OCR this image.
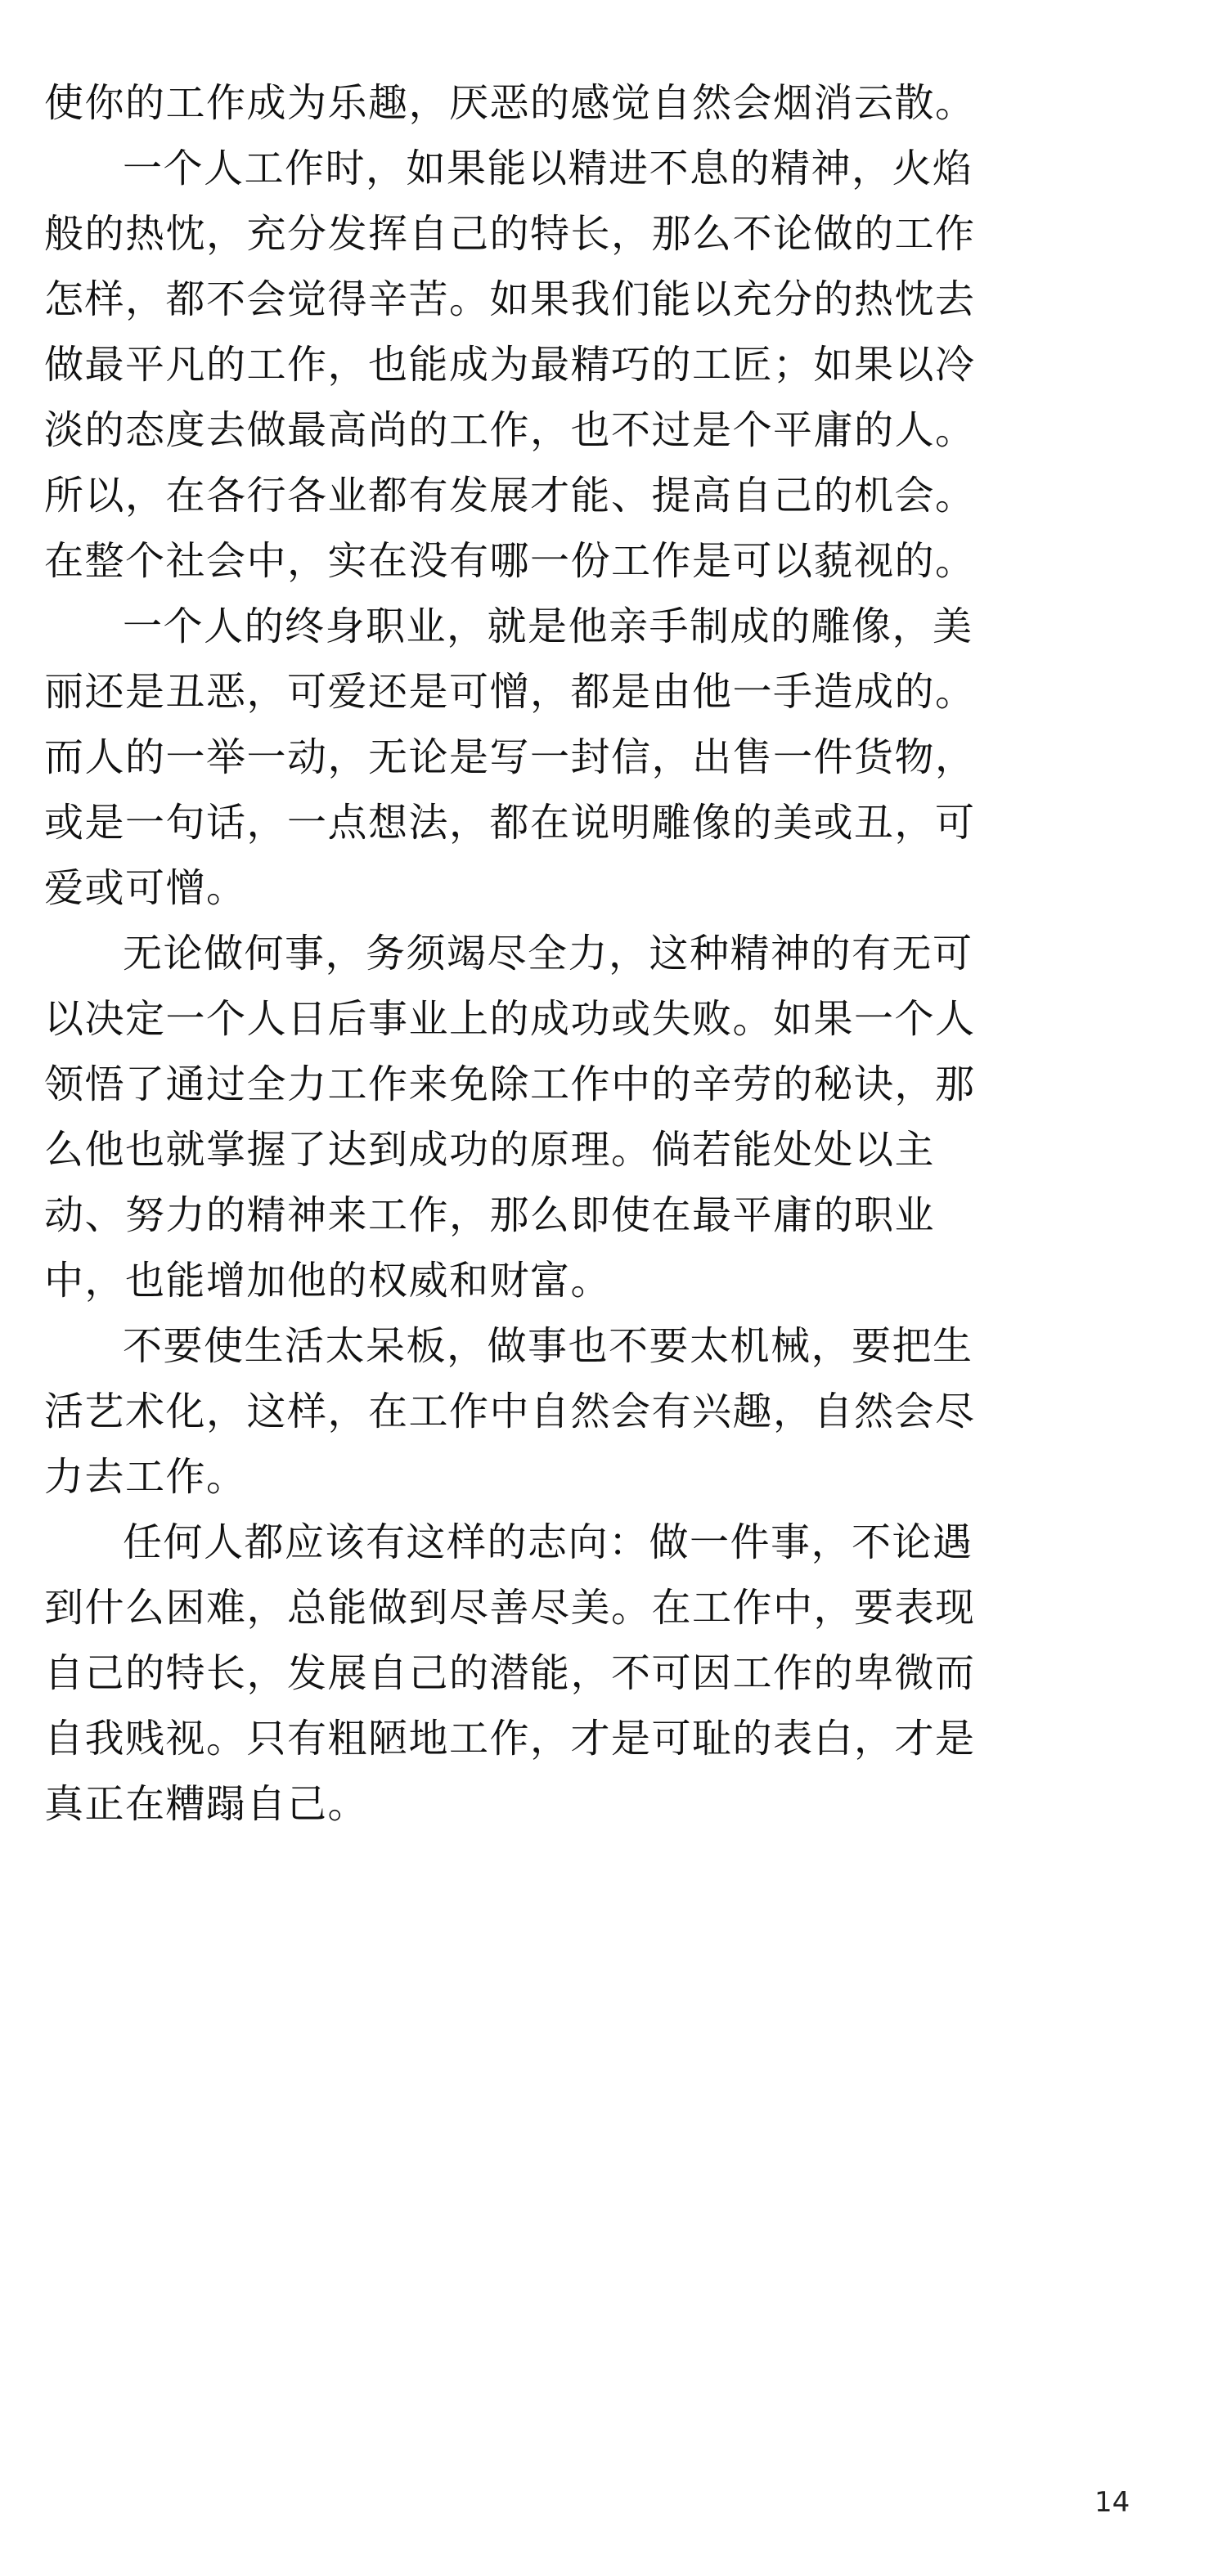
使你的工作成为乐趣，厌恶的感觉自然会烟消云散。
一个人工作时，如果能以精进不息的精神，火焰
般的热忱，充分发挥自己的特长，那么不论做的工作
怎样，都不会觉得辛苦。如果我们能以充分的热忱去
做最平凡的工作，也能成为最精巧的工匠；如果以冷
淡的态度去做最高尚的工作，也不过是个平庸的人。
所以，在各行各业都有发展才能、提高自己的机会。
在整个社会中，实在没有哪一份工作是可以藐视的。
一个人的终身职业，就是他亲手制成的雕像，美
丽还是丑恶，可爱还是可憎，都是由他一手造成的。
而人的一举一动，无论是写一封信，出售一件货物，
或是一句话，一点想法，都在说明雕像的美或丑，可
爱或可憎。
无论做何事，务须竭尽全力，这种精神的有无可
以决定一个人日后事业上的成功或失败。如果一个人
领悟了通过全力工作来免除工作中的辛劳的秘诀，那
么他也就掌握了达到成功的原理。倘若能处处以主
动、努力的精神来工作，那么即使在最平庸的职业
中，也能增加他的权威和财富。
不要使生活太呆板，做事也不要太机械，要把生
活艺术化，这样，在工作中自然会有兴趣，自然会尽
力去工作。
任何人都应该有这样的志向：做一件事，不论遇
到什么困难，总能做到尽善尽美。在工作中，要表现
自己的特长，发展自己的潜能，不可因工作的卑微而
自我贱视。只有粗陋地工作，才是可耻的表白，才是
真正在糟蹋自己。
14
